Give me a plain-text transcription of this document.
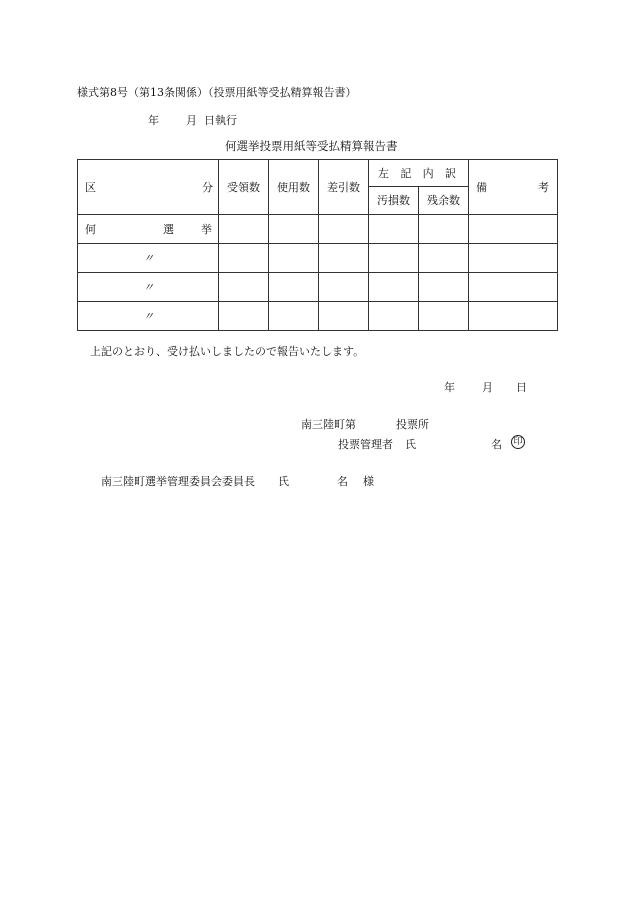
様式第8号（第13条関係）（投票用紙等受払精算報告書）
年 月 日執行
何選挙投票用紙等受払精算報告書
区 分	受領数	使用数	差引数	左 記 内 訳		備 考

				汚損数	残余数	

何 選 挙						

〃						

〃						

〃						

上記のとおり、受け払いしましたので報告いたします。
年 月 日
南三陸町第	投票所
投票管理者 氏	名 印
南三陸町選挙管理委員会委員長 氏	名 様
